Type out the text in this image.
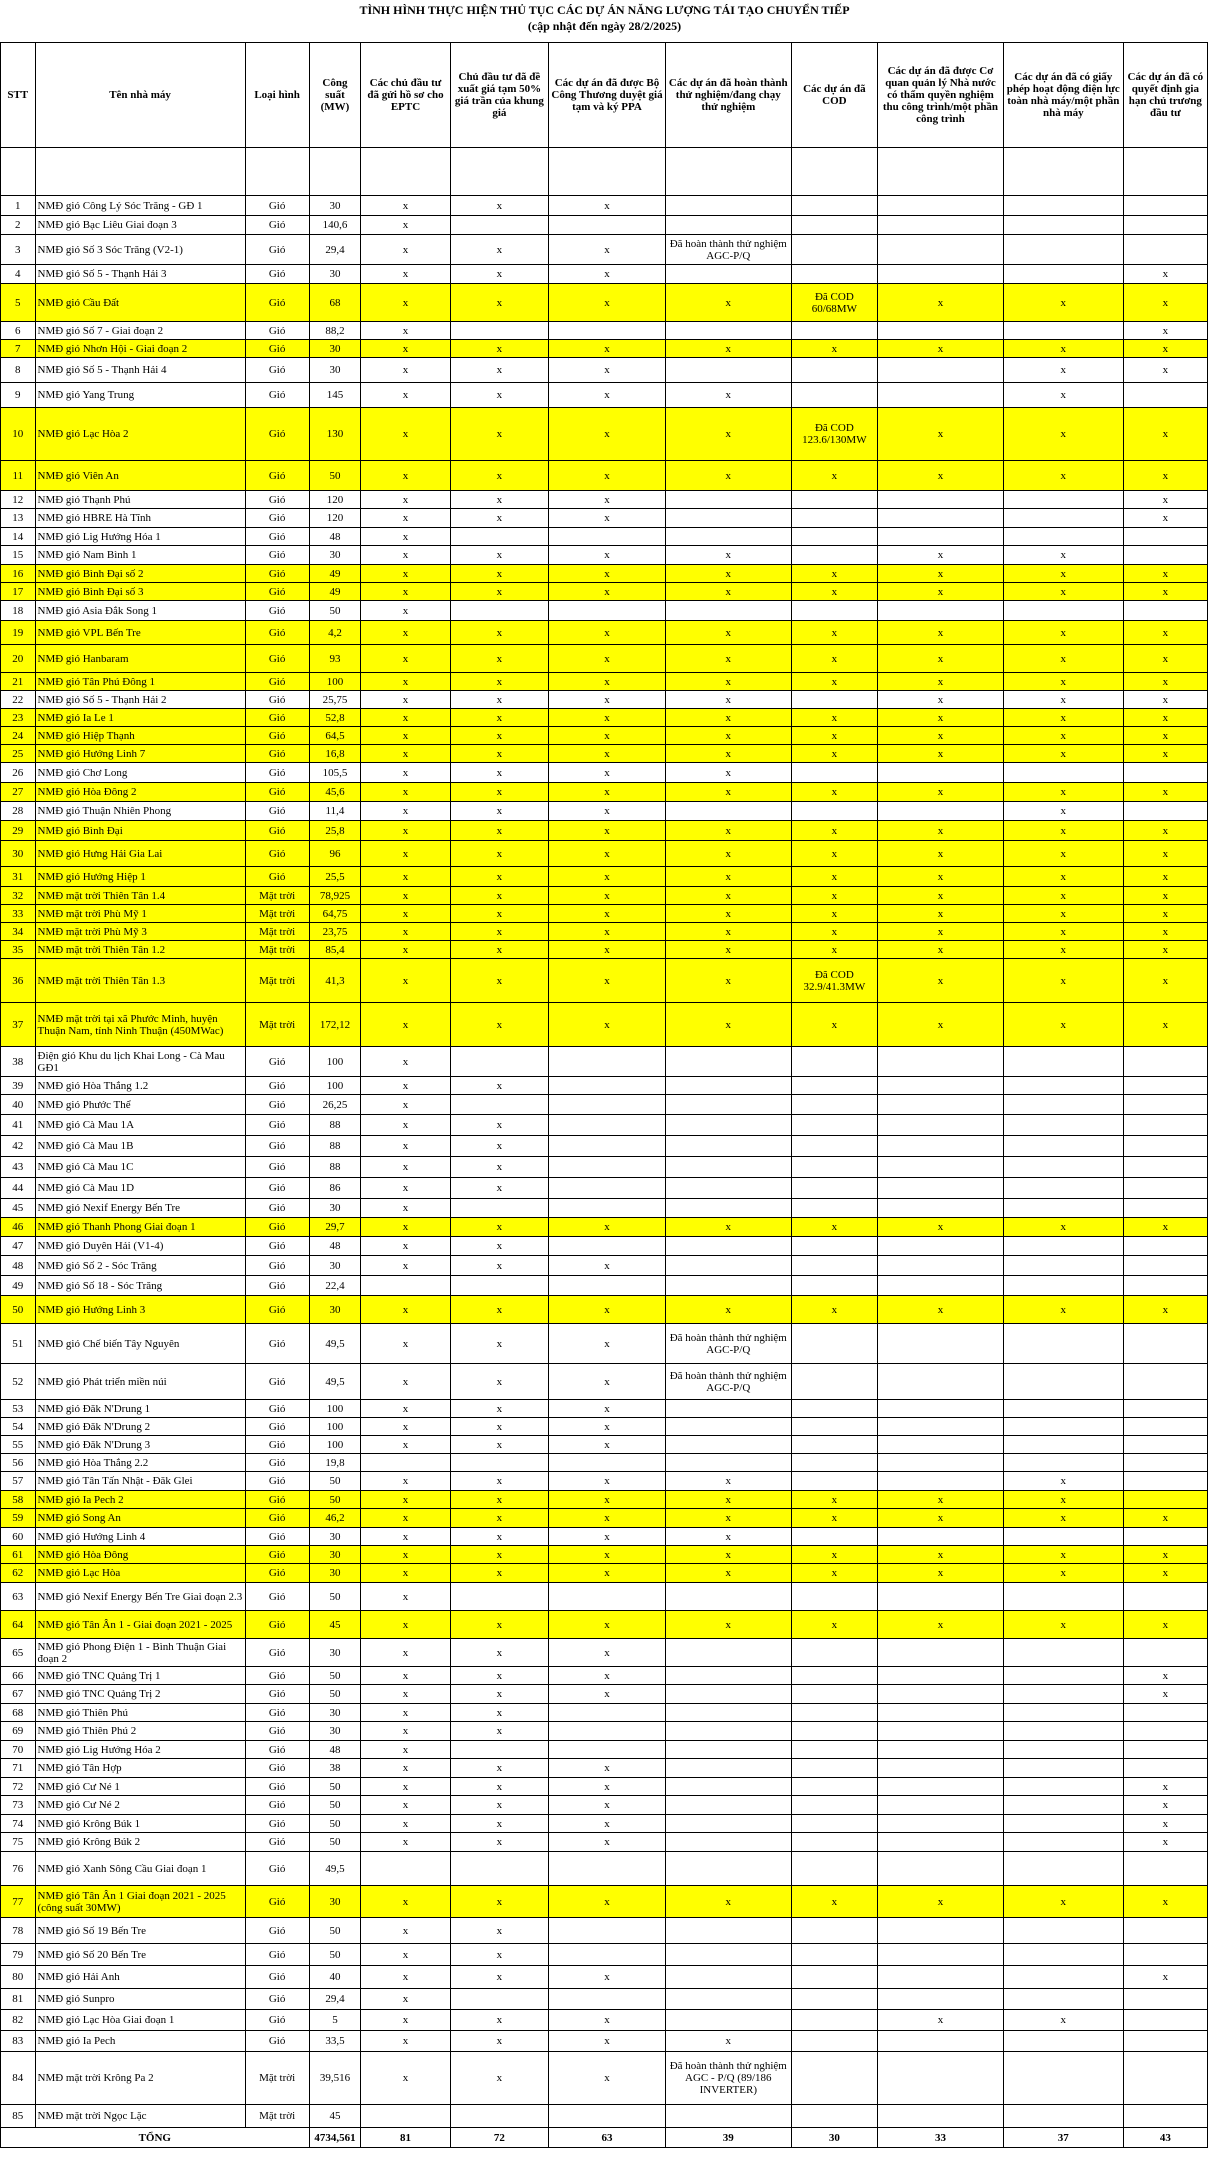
TÌNH HÌNH THỰC HIỆN THỦ TỤC CÁC DỰ ÁN NĂNG LƯỢNG TÁI TẠO CHUYỂN TIẾP
(cập nhật đến ngày 28/2/2025)
STT	Tên nhà máy	Loại hình	Công suất (MW)	Các chủ đầu tư đã gửi hồ sơ cho EPTC	Chủ đầu tư đã đề xuất giá tạm 50% giá trần của khung giá	Các dự án đã được Bộ Công Thương duyệt giá tạm và ký PPA	Các dự án đã hoàn thành thử nghiệm/đang chạy thử nghiệm	Các dự án đã COD	Các dự án đã được Cơ quan quản lý Nhà nước có thẩm quyền nghiệm thu công trình/một phần công trình	Các dự án đã có giấy phép hoạt động điện lực toàn nhà máy/một phần nhà máy	Các dự án đã có quyết định gia hạn chủ trương đầu tư

1	NMĐ gió Công Lý Sóc Trăng - GĐ 1	Gió	30	x	x	x					
2	NMĐ gió Bạc Liêu Giai đoạn 3	Gió	140,6	x							
3	NMĐ gió Số 3 Sóc Trăng (V2-1)	Gió	29,4	x	x	x	Đã hoàn thành thử nghiệm AGC-P/Q				
4	NMĐ gió Số 5 - Thạnh Hải 3	Gió	30	x	x	x					x
5	NMĐ gió Cầu Đất	Gió	68	x	x	x	x	Đã COD 60/68MW	x	x	x
6	NMĐ gió Số 7 - Giai đoạn 2	Gió	88,2	x							x
7	NMĐ gió Nhơn Hội - Giai đoạn 2	Gió	30	x	x	x	x	x	x	x	x
8	NMĐ gió Số 5 - Thạnh Hải 4	Gió	30	x	x	x				x	x
9	NMĐ gió Yang Trung	Gió	145	x	x	x	x			x	
10	NMĐ gió Lạc Hòa 2	Gió	130	x	x	x	x	Đã COD 123.6/130MW	x	x	x
11	NMĐ gió Viên An	Gió	50	x	x	x	x	x	x	x	x
12	NMĐ gió Thạnh Phú	Gió	120	x	x	x					x
13	NMĐ gió HBRE Hà Tĩnh	Gió	120	x	x	x					x
14	NMĐ gió Lig Hướng Hóa 1	Gió	48	x							
15	NMĐ gió Nam Bình 1	Gió	30	x	x	x	x		x	x	
16	NMĐ gió Bình Đại số 2	Gió	49	x	x	x	x	x	x	x	x
17	NMĐ gió Bình Đại số 3	Gió	49	x	x	x	x	x	x	x	x
18	NMĐ gió Asia Đắk Song 1	Gió	50	x							
19	NMĐ gió VPL Bến Tre	Gió	4,2	x	x	x	x	x	x	x	x
20	NMĐ gió Hanbaram	Gió	93	x	x	x	x	x	x	x	x
21	NMĐ gió Tân Phú Đông 1	Gió	100	x	x	x	x	x	x	x	x
22	NMĐ gió Số 5 - Thạnh Hải 2	Gió	25,75	x	x	x	x		x	x	x
23	NMĐ gió Ia Le 1	Gió	52,8	x	x	x	x	x	x	x	x
24	NMĐ gió Hiệp Thạnh	Gió	64,5	x	x	x	x	x	x	x	x
25	NMĐ gió Hướng Linh 7	Gió	16,8	x	x	x	x	x	x	x	x
26	NMĐ gió Chơ Long	Gió	105,5	x	x	x	x				
27	NMĐ gió Hòa Đông 2	Gió	45,6	x	x	x	x	x	x	x	x
28	NMĐ gió Thuận Nhiên Phong	Gió	11,4	x	x	x				x	
29	NMĐ gió Bình Đại	Gió	25,8	x	x	x	x	x	x	x	x
30	NMĐ gió Hưng Hải Gia Lai	Gió	96	x	x	x	x	x	x	x	x
31	NMĐ gió Hướng Hiệp 1	Gió	25,5	x	x	x	x	x	x	x	x
32	NMĐ mặt trời Thiên Tân 1.4	Mặt trời	78,925	x	x	x	x	x	x	x	x
33	NMĐ mặt trời Phù Mỹ 1	Mặt trời	64,75	x	x	x	x	x	x	x	x
34	NMĐ mặt trời Phù Mỹ 3	Mặt trời	23,75	x	x	x	x	x	x	x	x
35	NMĐ mặt trời Thiên Tân 1.2	Mặt trời	85,4	x	x	x	x	x	x	x	x
36	NMĐ mặt trời Thiên Tân 1.3	Mặt trời	41,3	x	x	x	x	Đã COD 32.9/41.3MW	x	x	x
37	NMĐ mặt trời tại xã Phước Minh, huyện Thuận Nam, tỉnh Ninh Thuận (450MWac)	Mặt trời	172,12	x	x	x	x	x	x	x	x
38	Điện gió Khu du lịch Khai Long - Cà Mau GĐ1	Gió	100	x							
39	NMĐ gió Hòa Thắng 1.2	Gió	100	x	x						
40	NMĐ gió Phước Thể	Gió	26,25	x							
41	NMĐ gió Cà Mau 1A	Gió	88	x	x						
42	NMĐ gió Cà Mau 1B	Gió	88	x	x						
43	NMĐ gió Cà Mau 1C	Gió	88	x	x						
44	NMĐ gió Cà Mau 1D	Gió	86	x	x						
45	NMĐ gió Nexif Energy Bến Tre	Gió	30	x							
46	NMĐ gió Thanh Phong Giai đoạn 1	Gió	29,7	x	x	x	x	x	x	x	x
47	NMĐ gió Duyên Hải (V1-4)	Gió	48	x	x						
48	NMĐ gió Số 2 - Sóc Trăng	Gió	30	x	x	x					
49	NMĐ gió Số 18 - Sóc Trăng	Gió	22,4								
50	NMĐ gió Hướng Linh 3	Gió	30	x	x	x	x	x	x	x	x
51	NMĐ gió Chế biến Tây Nguyên	Gió	49,5	x	x	x	Đã hoàn thành thử nghiệm AGC-P/Q				
52	NMĐ gió Phát triển miền núi	Gió	49,5	x	x	x	Đã hoàn thành thử nghiệm AGC-P/Q				
53	NMĐ gió Đăk N'Drung 1	Gió	100	x	x	x					
54	NMĐ gió Đăk N'Drung 2	Gió	100	x	x	x					
55	NMĐ gió Đăk N'Drung 3	Gió	100	x	x	x					
56	NMĐ gió Hòa Thắng 2.2	Gió	19,8								
57	NMĐ gió Tân Tấn Nhật - Đăk Glei	Gió	50	x	x	x	x			x	
58	NMĐ gió Ia Pech 2	Gió	50	x	x	x	x	x	x	x	
59	NMĐ gió Song An	Gió	46,2	x	x	x	x	x	x	x	x
60	NMĐ gió Hướng Linh 4	Gió	30	x	x	x	x				
61	NMĐ gió Hòa Đông	Gió	30	x	x	x	x	x	x	x	x
62	NMĐ gió Lạc Hòa	Gió	30	x	x	x	x	x	x	x	x
63	NMĐ gió Nexif Energy Bến Tre Giai đoạn 2.3	Gió	50	x							
64	NMĐ gió Tân Ân 1 - Giai đoạn 2021 - 2025	Gió	45	x	x	x	x	x	x	x	x
65	NMĐ gió Phong Điện 1 - Bình Thuận Giai đoạn 2	Gió	30	x	x	x					
66	NMĐ gió TNC Quảng Trị 1	Gió	50	x	x	x					x
67	NMĐ gió TNC Quảng Trị 2	Gió	50	x	x	x					x
68	NMĐ gió Thiên Phú	Gió	30	x	x						
69	NMĐ gió Thiên Phú 2	Gió	30	x	x						
70	NMĐ gió Lig Hướng Hóa 2	Gió	48	x							
71	NMĐ gió Tân Hợp	Gió	38	x	x	x					
72	NMĐ gió Cư Né 1	Gió	50	x	x	x					x
73	NMĐ gió Cư Né 2	Gió	50	x	x	x					x
74	NMĐ gió Krông Búk 1	Gió	50	x	x	x					x
75	NMĐ gió Krông Búk 2	Gió	50	x	x	x					x
76	NMĐ gió Xanh Sông Cầu Giai đoạn 1	Gió	49,5								
77	NMĐ gió Tân Ân 1 Giai đoạn 2021 - 2025 (công suất 30MW)	Gió	30	x	x	x	x	x	x	x	x
78	NMĐ gió Số 19 Bến Tre	Gió	50	x	x						
79	NMĐ gió Số 20 Bến Tre	Gió	50	x	x						
80	NMĐ gió Hải Anh	Gió	40	x	x	x					x
81	NMĐ gió Sunpro	Gió	29,4	x							
82	NMĐ gió Lạc Hòa Giai đoạn 1	Gió	5	x	x	x			x	x	
83	NMĐ gió Ia Pech	Gió	33,5	x	x	x	x				
84	NMĐ mặt trời Krông Pa 2	Mặt trời	39,516	x	x	x	Đã hoàn thành thử nghiệm AGC - P/Q (89/186 INVERTER)				
85	NMĐ mặt trời Ngọc Lặc	Mặt trời	45								
TỔNG			4734,561	81	72	63	39	30	33	37	43
